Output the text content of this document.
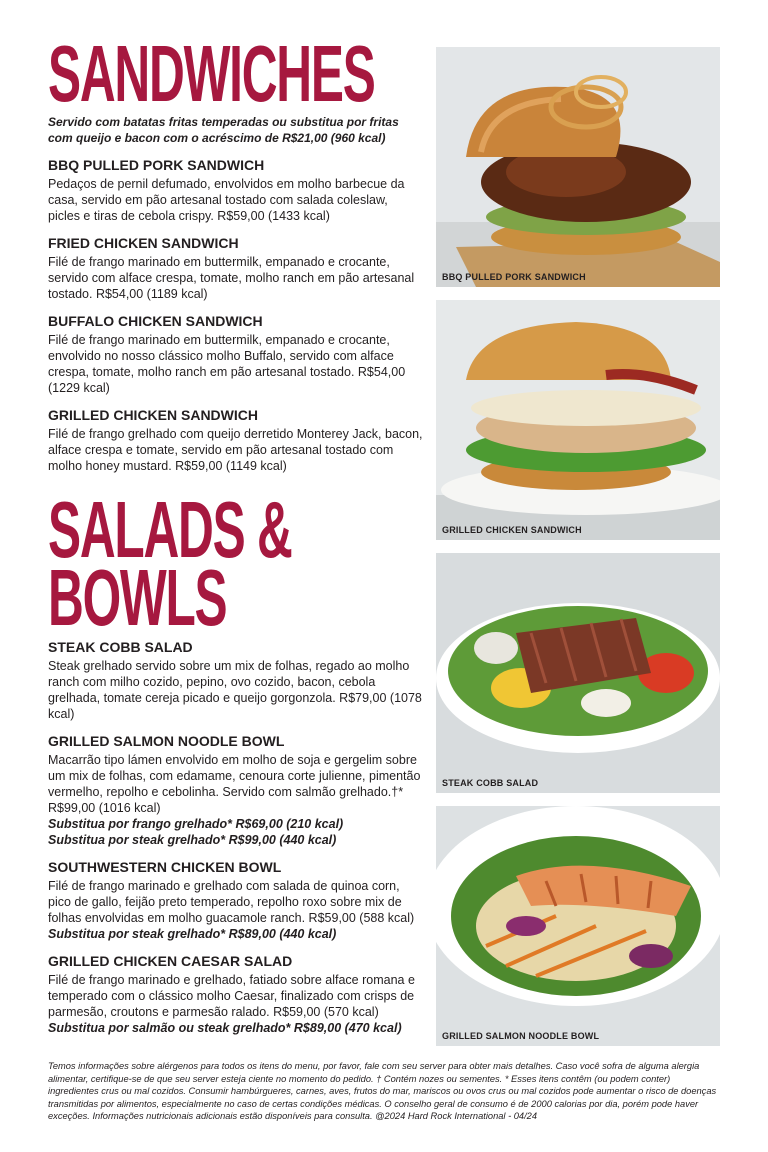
SANDWICHES
Servido com batatas fritas temperadas ou substitua por fritas com queijo e bacon com o acréscimo de R$21,00 (960 kcal)
BBQ PULLED PORK SANDWICH
Pedaços de pernil defumado, envolvidos em molho barbecue da casa, servido em pão artesanal tostado com salada coleslaw, picles e tiras de cebola crispy. R$59,00 (1433 kcal)
FRIED CHICKEN SANDWICH
Filé de frango marinado em buttermilk, empanado e crocante, servido com alface crespa, tomate, molho ranch em pão artesanal tostado. R$54,00 (1189 kcal)
BUFFALO CHICKEN SANDWICH
Filé de frango marinado em buttermilk, empanado e crocante, envolvido no nosso clássico molho Buffalo, servido com alface crespa, tomate, molho ranch em pão artesanal tostado. R$54,00 (1229 kcal)
GRILLED CHICKEN SANDWICH
Filé de frango grelhado com queijo derretido Monterey Jack, bacon, alface crespa e tomate, servido em pão artesanal tostado com molho honey mustard. R$59,00 (1149 kcal)
SALADS &
BOWLS
STEAK COBB SALAD
Steak grelhado servido sobre um mix de folhas, regado ao molho ranch com milho cozido, pepino, ovo cozido, bacon, cebola grelhada, tomate cereja picado e queijo gorgonzola. R$79,00 (1078 kcal)
GRILLED SALMON NOODLE BOWL
Macarrão tipo lámen envolvido em molho de soja e gergelim sobre um mix de folhas, com edamame, cenoura corte julienne, pimentão vermelho, repolho e cebolinha. Servido com salmão grelhado.†* R$99,00 (1016 kcal)
Substitua por frango grelhado* R$69,00 (210 kcal)
Substitua por steak grelhado* R$99,00 (440 kcal)
SOUTHWESTERN CHICKEN BOWL
Filé de frango marinado e grelhado com salada de quinoa corn, pico de gallo, feijão preto temperado, repolho roxo sobre mix de folhas envolvidas em molho guacamole ranch. R$59,00 (588 kcal)
Substitua por steak grelhado* R$89,00 (440 kcal)
GRILLED CHICKEN CAESAR SALAD
Filé de frango marinado e grelhado, fatiado sobre alface romana e temperado com o clássico molho Caesar, finalizado com crisps de parmesão, croutons e parmesão ralado. R$59,00 (570 kcal)
Substitua por salmão ou steak grelhado* R$89,00 (470 kcal)
BBQ PULLED PORK SANDWICH
GRILLED CHICKEN SANDWICH
STEAK COBB SALAD
GRILLED SALMON NOODLE BOWL
Temos informações sobre alérgenos para todos os itens do menu, por favor, fale com seu server para obter mais detalhes. Caso você sofra de alguma alergia alimentar, certifique-se de que seu server esteja ciente no momento do pedido. † Contém nozes ou sementes. * Esses itens contêm (ou podem conter) ingredientes crus ou mal cozidos. Consumir hambúrgueres, carnes, aves, frutos do mar, mariscos ou ovos crus ou mal cozidos pode aumentar o risco de doenças transmitidas por alimentos, especialmente no caso de certas condições médicas. O conselho geral de consumo é de 2000 calorias por dia, porém pode haver exceções. Informações nutricionais adicionais estão disponíveis para consulta. @2024 Hard Rock International - 04/24
